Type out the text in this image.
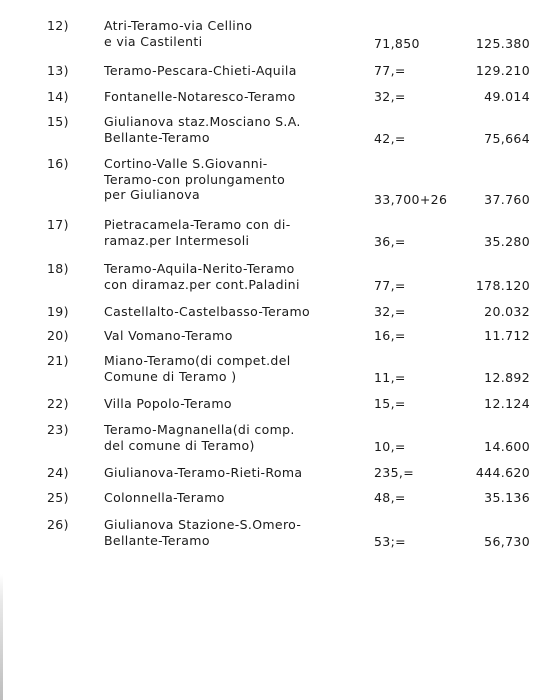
12)	Atri-Teramo-via Cellino
e via Castilenti	71,850	125.380
13)	Teramo-Pescara-Chieti-Aquila	77,=	129.210
14)	Fontanelle-Notaresco-Teramo	32,=	49.014
15)	Giulianova staz.Mosciano S.A.
Bellante-Teramo	42,=	75,664
16)	Cortino-Valle S.Giovanni-
Teramo-con prolungamento
per Giulianova	33,700+26	37.760
17)	Pietracamela-Teramo con di-
ramaz.per Intermesoli	36,=	35.280
18)	Teramo-Aquila-Nerito-Teramo
con diramaz.per cont.Paladini	77,=	178.120
19)	Castellalto-Castelbasso-Teramo	32,=	20.032
20)	Val Vomano-Teramo	16,=	11.712
21)	Miano-Teramo(di compet.del
Comune di Teramo )	11,=	12.892
22)	Villa Popolo-Teramo	15,=	12.124
23)	Teramo-Magnanella(di comp.
del comune di Teramo)	10,=	14.600
24)	Giulianova-Teramo-Rieti-Roma	235,=	444.620
25)	Colonnella-Teramo	48,=	35.136
26)	Giulianova Stazione-S.Omero-
Bellante-Teramo	53;=	56,730
